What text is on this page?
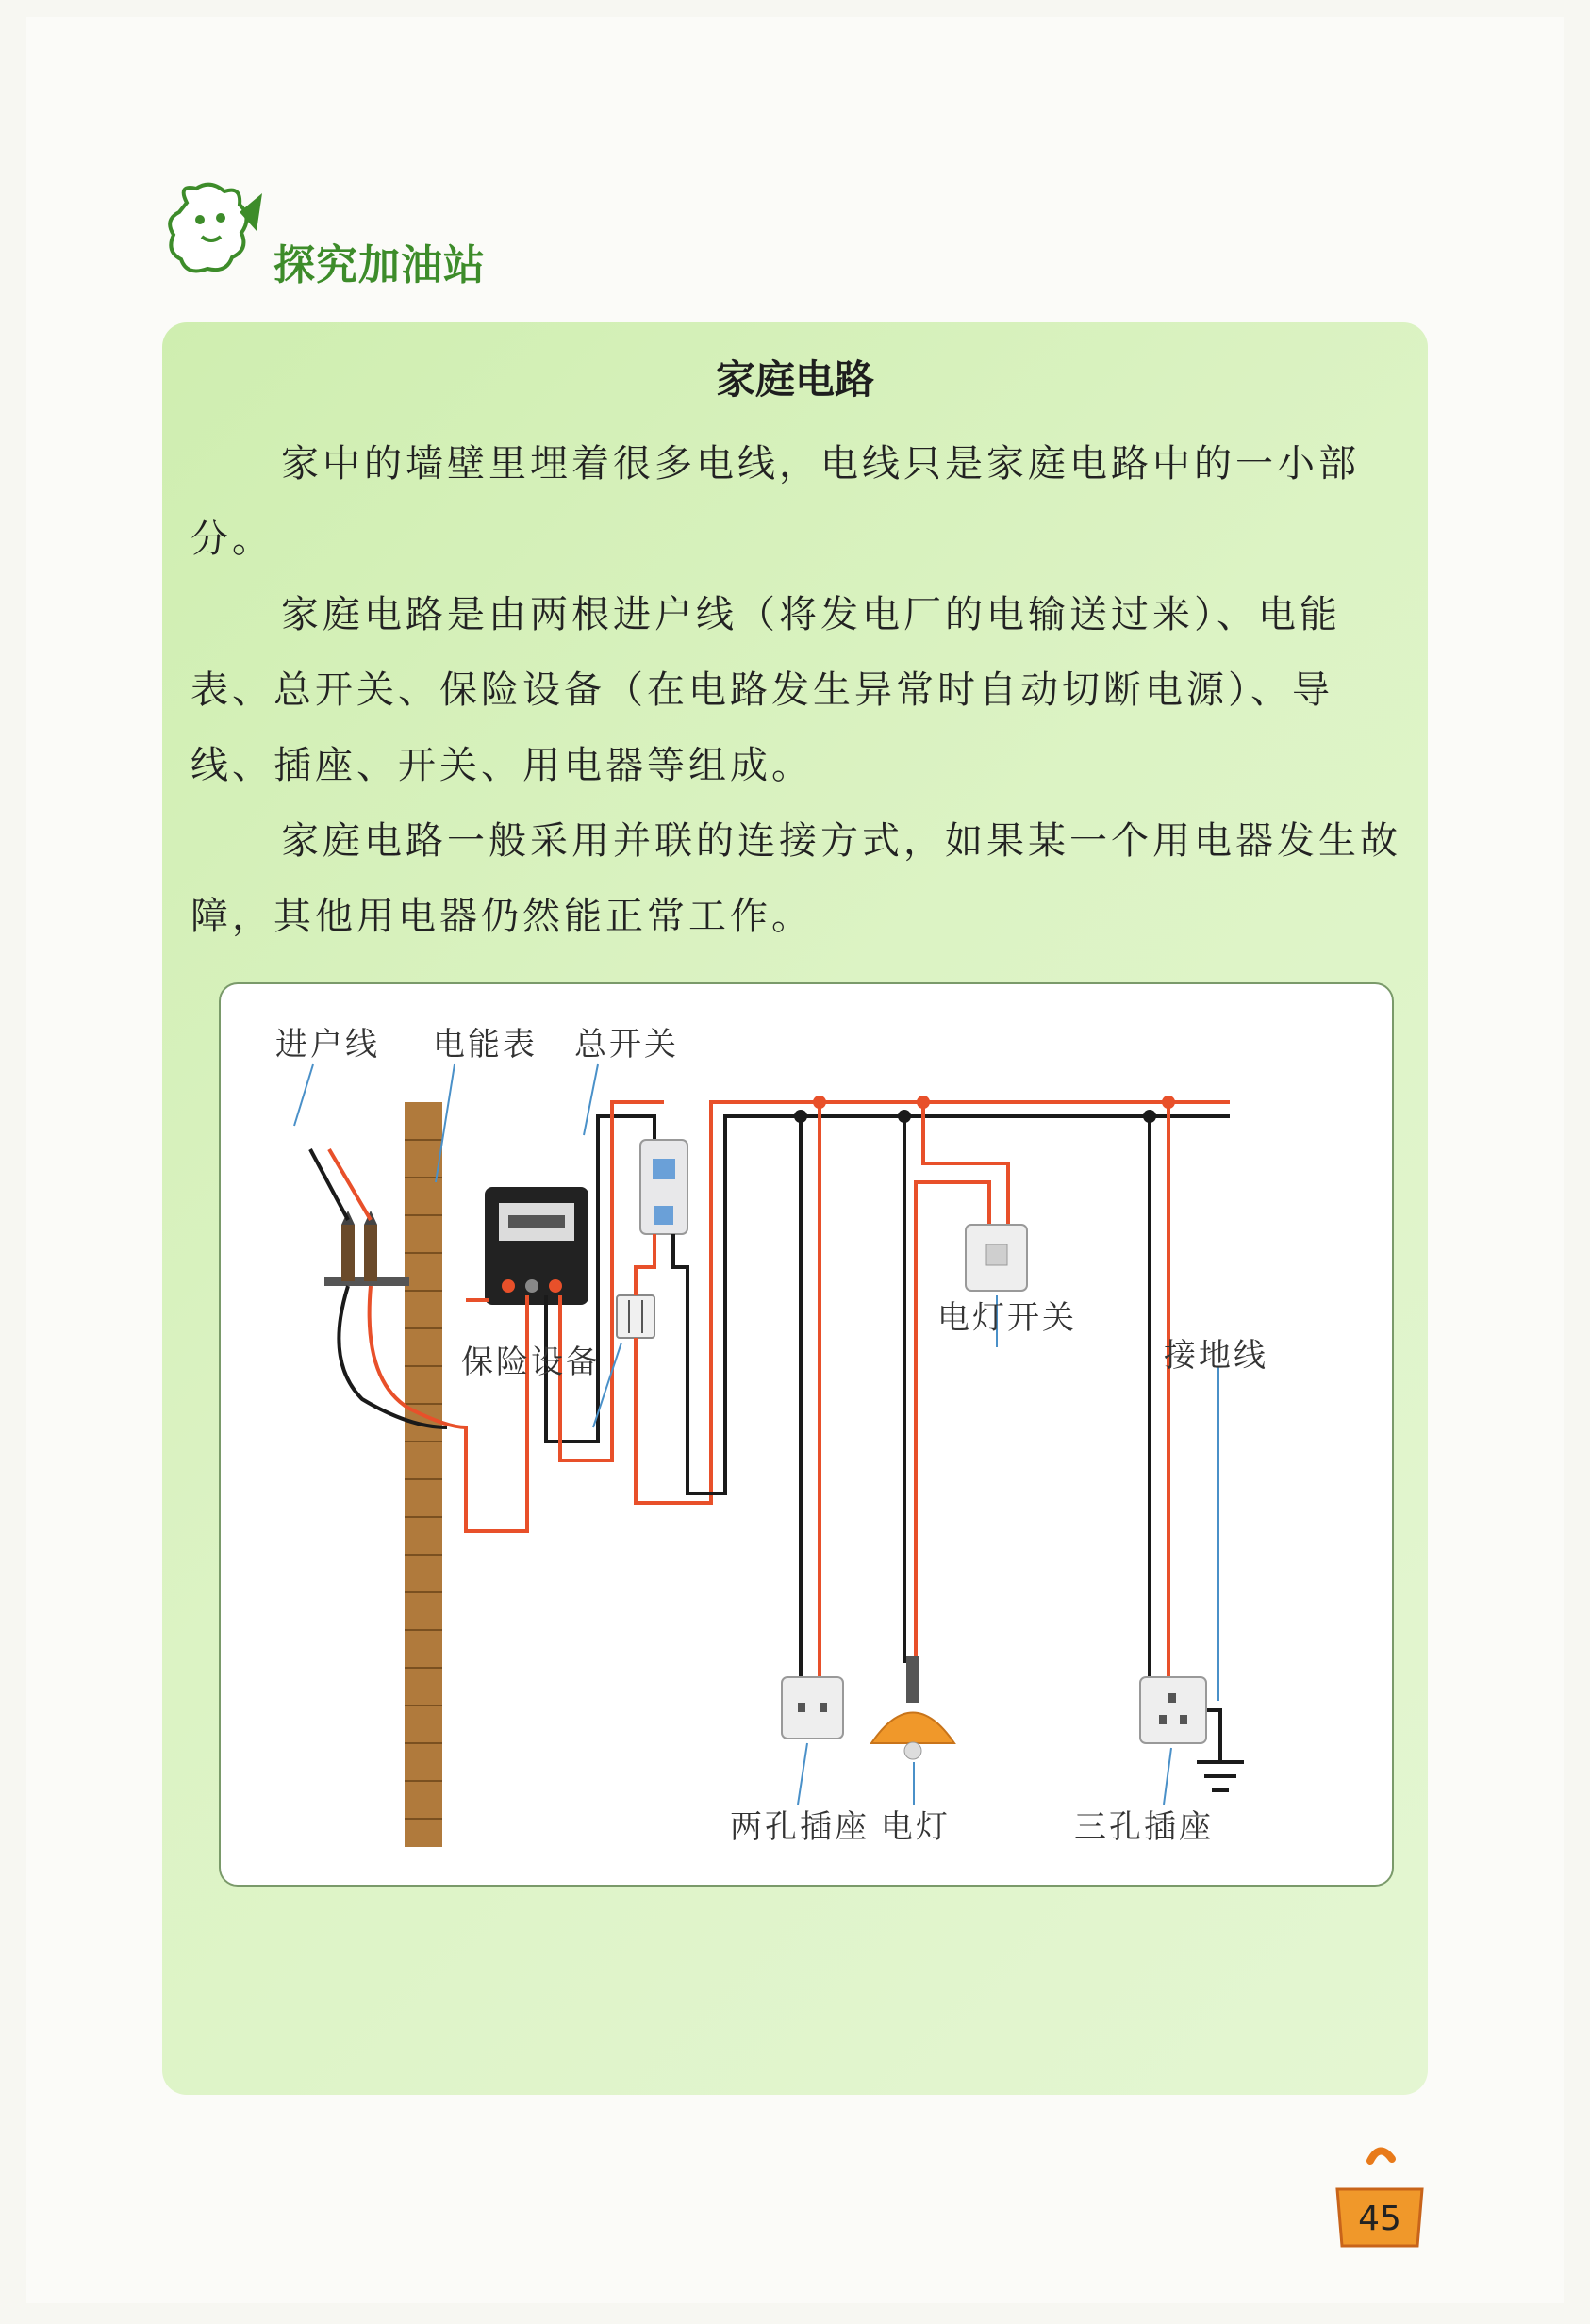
探究加油站
家庭电路

家中的墙壁里埋着很多电线，电线只是家庭电路中的一小部分。

家庭电路是由两根进户线（将发电厂的电输送过来）、电能表、总开关、保险设备（在电路发生异常时自动切断电源）、导线、插座、开关、用电器等组成。

家庭电路一般采用并联的连接方式，如果某一个用电器发生故障，其他用电器仍然能正常工作。

进户线 电能表 总开关
保险设备
电灯开关
接地线
两孔插座 电灯	三孔插座
45
